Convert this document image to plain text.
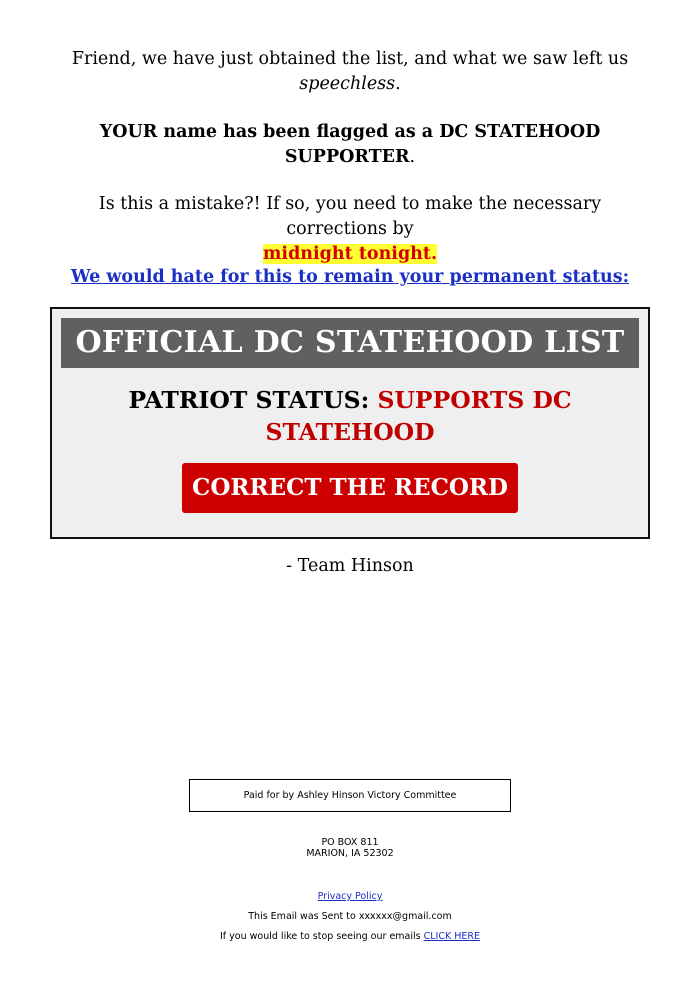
Friend, we have just obtained the list, and what we saw left us
speechless.
YOUR name has been flagged as a DC STATEHOOD SUPPORTER.
Is this a mistake?! If so, you need to make the necessary corrections by
midnight tonight.
We would hate for this to remain your permanent status:
OFFICIAL DC STATEHOOD LIST
PATRIOT STATUS: SUPPORTS DC STATEHOOD
CORRECT THE RECORD
- Team Hinson
Paid for by Ashley Hinson Victory Committee
PO BOX 811
MARION, IA 52302
Privacy Policy
This Email was Sent to xxxxxx@gmail.com
If you would like to stop seeing our emails CLICK HERE
